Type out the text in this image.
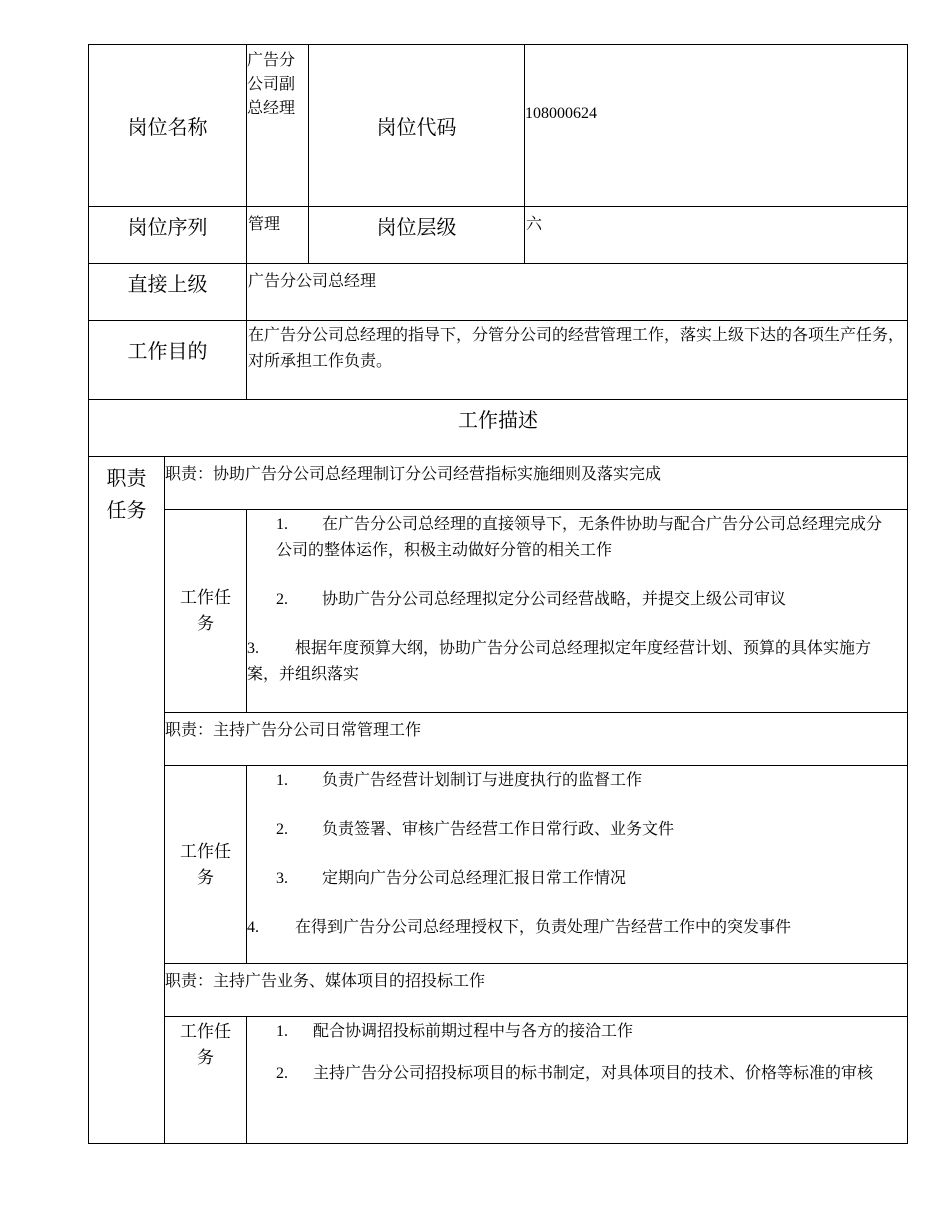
岗位名称		广告分公司副总经理	岗位代码	108000624
岗位序列		管理	岗位层级	六
直接上级		广告分公司总经理		
工作目的		在广告分公司总经理的指导下，分管分公司的经营管理工作，落实上级下达的各项生产任务，对所承担工作负责。		
工作描述				
职责任务	职责：协助广告分公司总经理制订分公司经营指标实施细则及落实完成			
	工作任务	1. 在广告分公司总经理的直接领导下，无条件协助与配合广告分公司总经理完成分公司的整体运作，积极主动做好分管的相关工作

2. 协助广告分公司总经理拟定分公司经营战略，并提交上级公司审议

3. 根据年度预算大纲，协助广告分公司总经理拟定年度经营计划、预算的具体实施方案，并组织落实		

	职责：主持广告分公司日常管理工作			
	工作任务	1. 负责广告经营计划制订与进度执行的监督工作

2. 负责签署、审核广告经营工作日常行政、业务文件

3. 定期向广告分公司总经理汇报日常工作情况

4. 在得到广告分公司总经理授权下，负责处理广告经营工作中的突发事件		

	职责：主持广告业务、媒体项目的招投标工作			
	工作任务	1. 配合协调招投标前期过程中与各方的接洽工作

2. 主持广告分公司招投标项目的标书制定，对具体项目的技术、价格等标准的审核		
